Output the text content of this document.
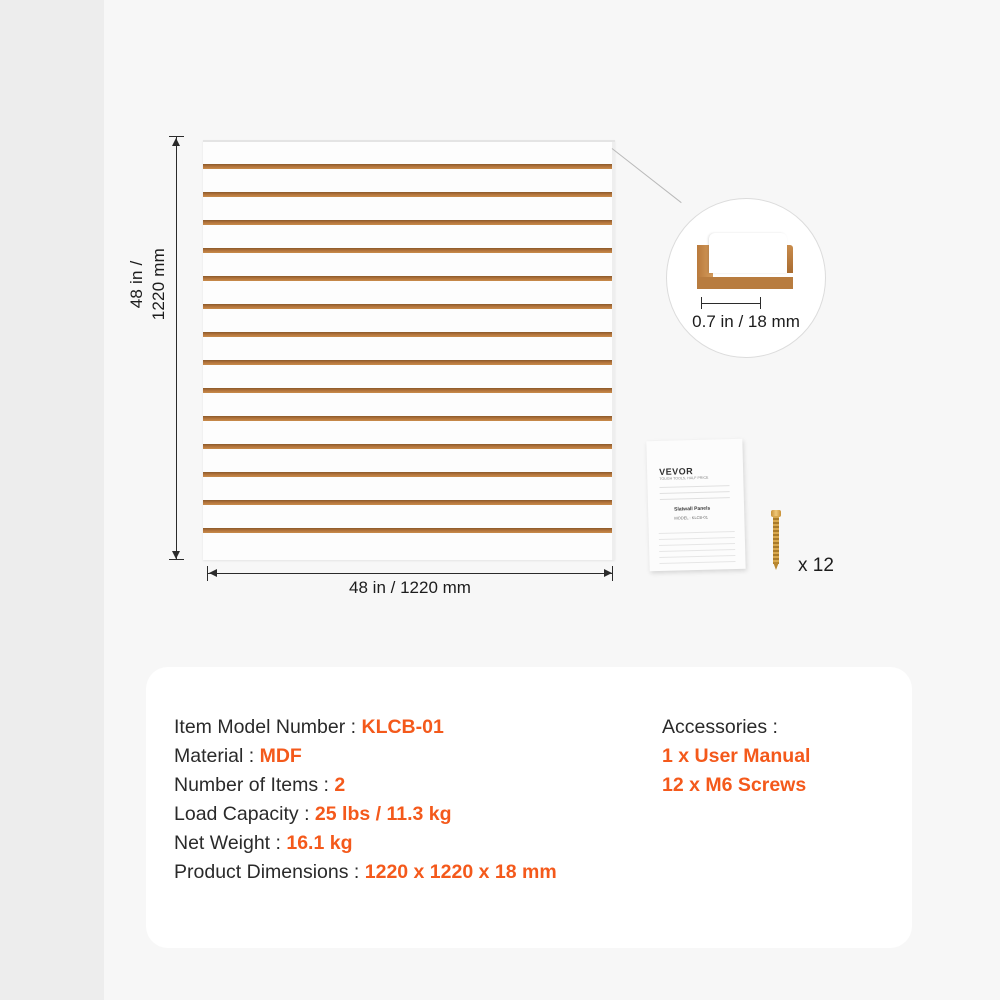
48 in / 1220 mm
48 in / 1220 mm
0.7 in / 18 mm
VEVOR
TOUGH TOOLS, HALF PRICE
Slatwall Panels
MODEL : KLCB-01
x 12
Item Model Number : KLCB-01
Material : MDF
Number of Items : 2
Load Capacity : 25 lbs / 11.3 kg
Net Weight : 16.1 kg
Product Dimensions : 1220 x 1220 x 18 mm
Accessories :
1 x User Manual
12 x M6 Screws
